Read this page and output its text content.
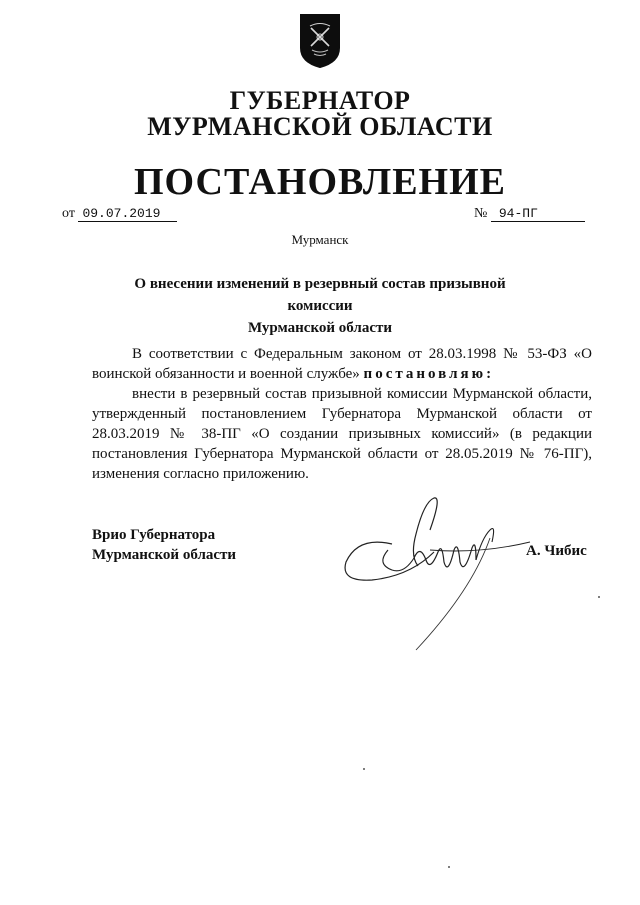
ГУБЕРНАТОР
МУРМАНСКОЙ ОБЛАСТИ
ПОСТАНОВЛЕНИЕ
от 09.07.2019	№ 94-ПГ
Мурманск
О внесении изменений в резервный состав призывной комиссии
Мурманской области

В соответствии с Федеральным законом от 28.03.1998 № 53-ФЗ «О воинской обязанности и военной службе» постановляю:

внести в резервный состав призывной комиссии Мурманской области, утвержденный постановлением Губернатора Мурманской области от 28.03.2019 № 38-ПГ «О создании призывных комиссий» (в редакции постановления Губернатора Мурманской области от 28.05.2019 № 76-ПГ), изменения согласно приложению.

Врио Губернатора
Мурманской области	А. Чибис
